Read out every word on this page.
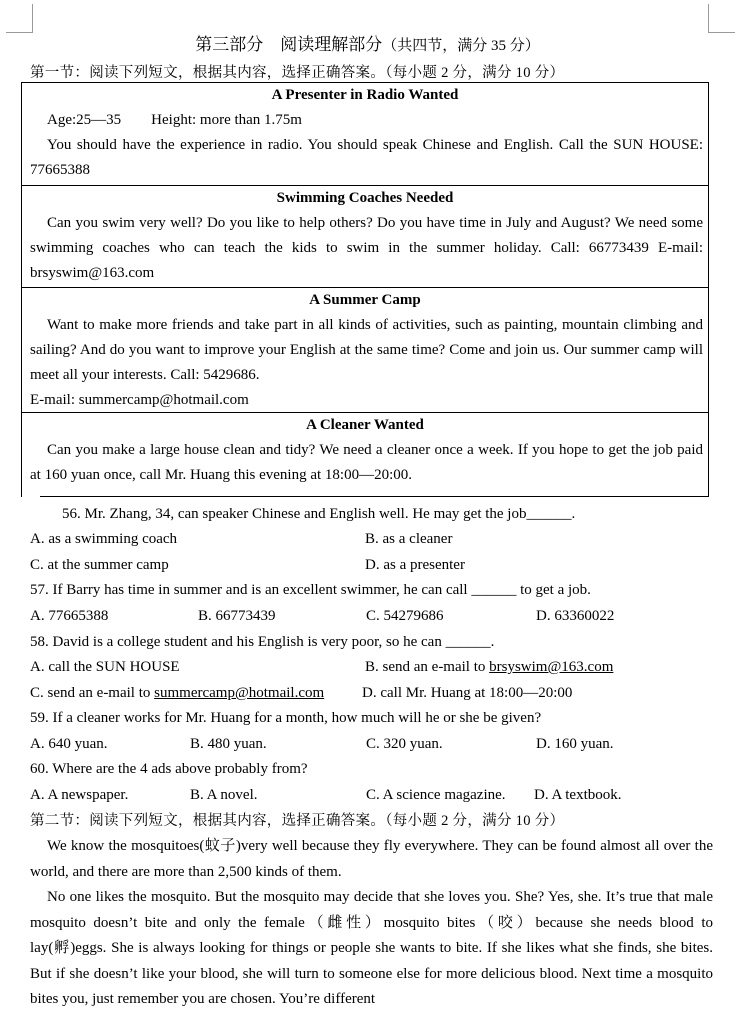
第三部分　阅读理解部分（共四节，满分 35 分）
第一节：阅读下列短文，根据其内容，选择正确答案。（每小题 2 分，满分 10 分）
A Presenter in Radio Wanted
Age:25—35　　Height: more than 1.75m
You should have the experience in radio. You should speak Chinese and English. Call the SUN HOUSE: 77665388
Swimming Coaches Needed
Can you swim very well? Do you like to help others? Do you have time in July and August? We need some swimming coaches who can teach the kids to swim in the summer holiday. Call: 66773439 E-mail: brsyswim@163.com
A Summer Camp
Want to make more friends and take part in all kinds of activities, such as painting, mountain climbing and sailing? And do you want to improve your English at the same time? Come and join us. Our summer camp will meet all your interests. Call: 5429686.
E-mail: summercamp@hotmail.com
A Cleaner Wanted
Can you make a large house clean and tidy? We need a cleaner once a week. If you hope to get the job paid at 160 yuan once, call Mr. Huang this evening at 18:00—20:00.
56. Mr. Zhang, 34, can speaker Chinese and English well. He may get the job______.
A. as a swimming coach	B. as a cleaner
C. at the summer camp	D. as a presenter
57. If Barry has time in summer and is an excellent swimmer, he can call ______ to get a job.
A. 77665388	B. 66773439	C. 54279686	D. 63360022
58. David is a college student and his English is very poor, so he can ______.
A. call the SUN HOUSE	B. send an e-mail to brsyswim@163.com
C. send an e-mail to summercamp@hotmail.com	D. call Mr. Huang at 18:00—20:00
59. If a cleaner works for Mr. Huang for a month, how much will he or she be given?
A. 640 yuan.	B. 480 yuan.	C. 320 yuan.	D. 160 yuan.
60. Where are the 4 ads above probably from?
A. A newspaper.	B. A novel.	C. A science magazine. D. A textbook.
第二节：阅读下列短文，根据其内容，选择正确答案。（每小题 2 分，满分 10 分）
We know the mosquitoes(蚊子)very well because they fly everywhere. They can be found almost all over the world, and there are more than 2,500 kinds of them.
No one likes the mosquito. But the mosquito may decide that she loves you. She? Yes, she. It’s true that male mosquito doesn’t bite and only the female（雌性）mosquito bites（咬）because she needs blood to lay(孵)eggs. She is always looking for things or people she wants to bite. If she likes what she finds, she bites. But if she doesn’t like your blood, she will turn to someone else for more delicious blood. Next time a mosquito bites you, just remember you are chosen. You’re different
